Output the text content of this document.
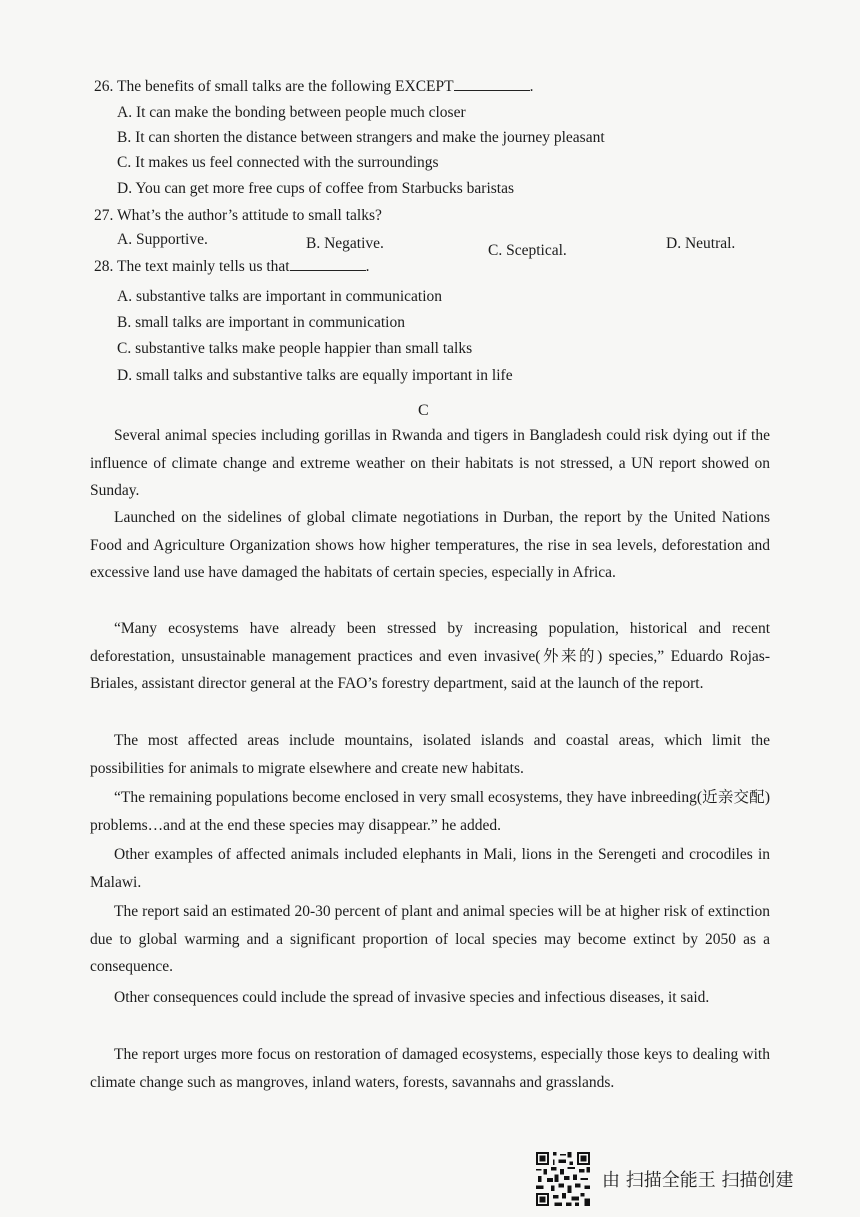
26. The benefits of small talks are the following EXCEPT	.
A. It can make the bonding between people much closer
B. It can shorten the distance between strangers and make the journey pleasant
C. It makes us feel connected with the surroundings
D. You can get more free cups of coffee from Starbucks baristas
27. What’s the author’s attitude to small talks?
A. Supportive.	B. Negative.	C. Sceptical.	D. Neutral.
28. The text mainly tells us that	.
A. substantive talks are important in communication
B. small talks are important in communication
C. substantive talks make people happier than small talks
D. small talks and substantive talks are equally important in life
C
Several animal species including gorillas in Rwanda and tigers in Bangladesh could risk dying out if the influence of climate change and extreme weather on their habitats is not stressed, a UN report showed on Sunday.
Launched on the sidelines of global climate negotiations in Durban, the report by the United Nations Food and Agriculture Organization shows how higher temperatures, the rise in sea levels, deforestation and excessive land use have damaged the habitats of certain species, especially in Africa.
“Many ecosystems have already been stressed by increasing population, historical and recent deforestation, unsustainable management practices and even invasive(外来的) species,” Eduardo Rojas-Briales, assistant director general at the FAO’s forestry department, said at the launch of the report.
The most affected areas include mountains, isolated islands and coastal areas, which limit the possibilities for animals to migrate elsewhere and create new habitats.
“The remaining populations become enclosed in very small ecosystems, they have inbreeding(近亲交配) problems…and at the end these species may disappear.” he added.
Other examples of affected animals included elephants in Mali, lions in the Serengeti and crocodiles in Malawi.
The report said an estimated 20-30 percent of plant and animal species will be at higher risk of extinction due to global warming and a significant proportion of local species may become extinct by 2050 as a consequence.
Other consequences could include the spread of invasive species and infectious diseases, it said.
The report urges more focus on restoration of damaged ecosystems, especially those keys to dealing with climate change such as mangroves, inland waters, forests, savannahs and grasslands.
由 扫描全能王 扫描创建
